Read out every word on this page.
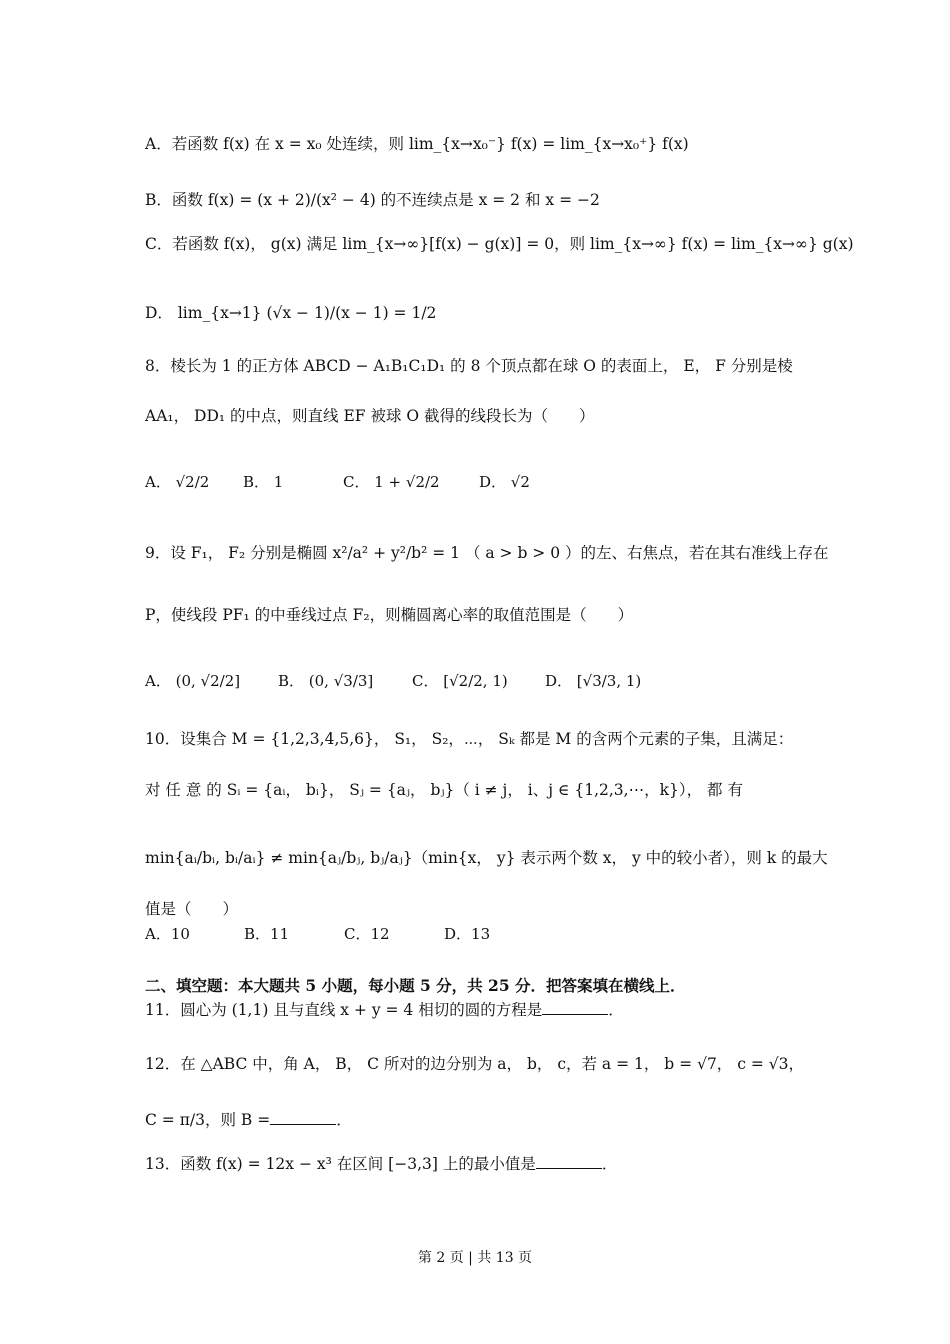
A．若函数 f(x) 在 x = x₀ 处连续，则 lim_{x→x₀⁻} f(x) = lim_{x→x₀⁺} f(x)
B．函数 f(x) = (x + 2)/(x² − 4) 的不连续点是 x = 2 和 x = −2
C．若函数 f(x)， g(x) 满足 lim_{x→∞}[f(x) − g(x)] = 0，则 lim_{x→∞} f(x) = lim_{x→∞} g(x)
D． lim_{x→1} (√x − 1)/(x − 1) = 1/2
8．棱长为 1 的正方体 ABCD − A₁B₁C₁D₁ 的 8 个顶点都在球 O 的表面上， E， F 分别是棱
AA₁， DD₁ 的中点，则直线 EF 被球 O 截得的线段长为（　　）
A． √2/2 B． 1	C． 1 + √2/2	D． √2
9．设 F₁， F₂ 分别是椭圆 x²/a² + y²/b² = 1 （ a > b > 0 ）的左、右焦点，若在其右准线上存在
P，使线段 PF₁ 的中垂线过点 F₂，则椭圆离心率的取值范围是（　　）
A． (0, √2/2]	B． (0, √3/3]	C． [√2/2, 1) D． [√3/3, 1)
10．设集合 M = {1,2,3,4,5,6}， S₁， S₂，⋯， Sₖ 都是 M 的含两个元素的子集，且满足：
对 任 意 的 Sᵢ = {aᵢ， bᵢ}， Sⱼ = {aⱼ， bⱼ}（ i ≠ j， i、j ∈ {1,2,3,⋯，k}）， 都 有
min{aᵢ/bᵢ, bᵢ/aᵢ} ≠ min{aⱼ/bⱼ, bⱼ/aⱼ}（min{x， y} 表示两个数 x， y 中的较小者），则 k 的最大
值是（　　）
A．10	B．11	C．12	D．13
二、填空题：本大题共 5 小题，每小题 5 分，共 25 分．把答案填在横线上．
11．圆心为 (1,1) 且与直线 x + y = 4 相切的圆的方程是	．
12．在 △ABC 中，角 A， B， C 所对的边分别为 a， b， c，若 a = 1， b = √7， c = √3，
C = π/3，则 B =	．
13．函数 f(x) = 12x − x³ 在区间 [−3,3] 上的最小值是	．
第 2 页 | 共 13 页
